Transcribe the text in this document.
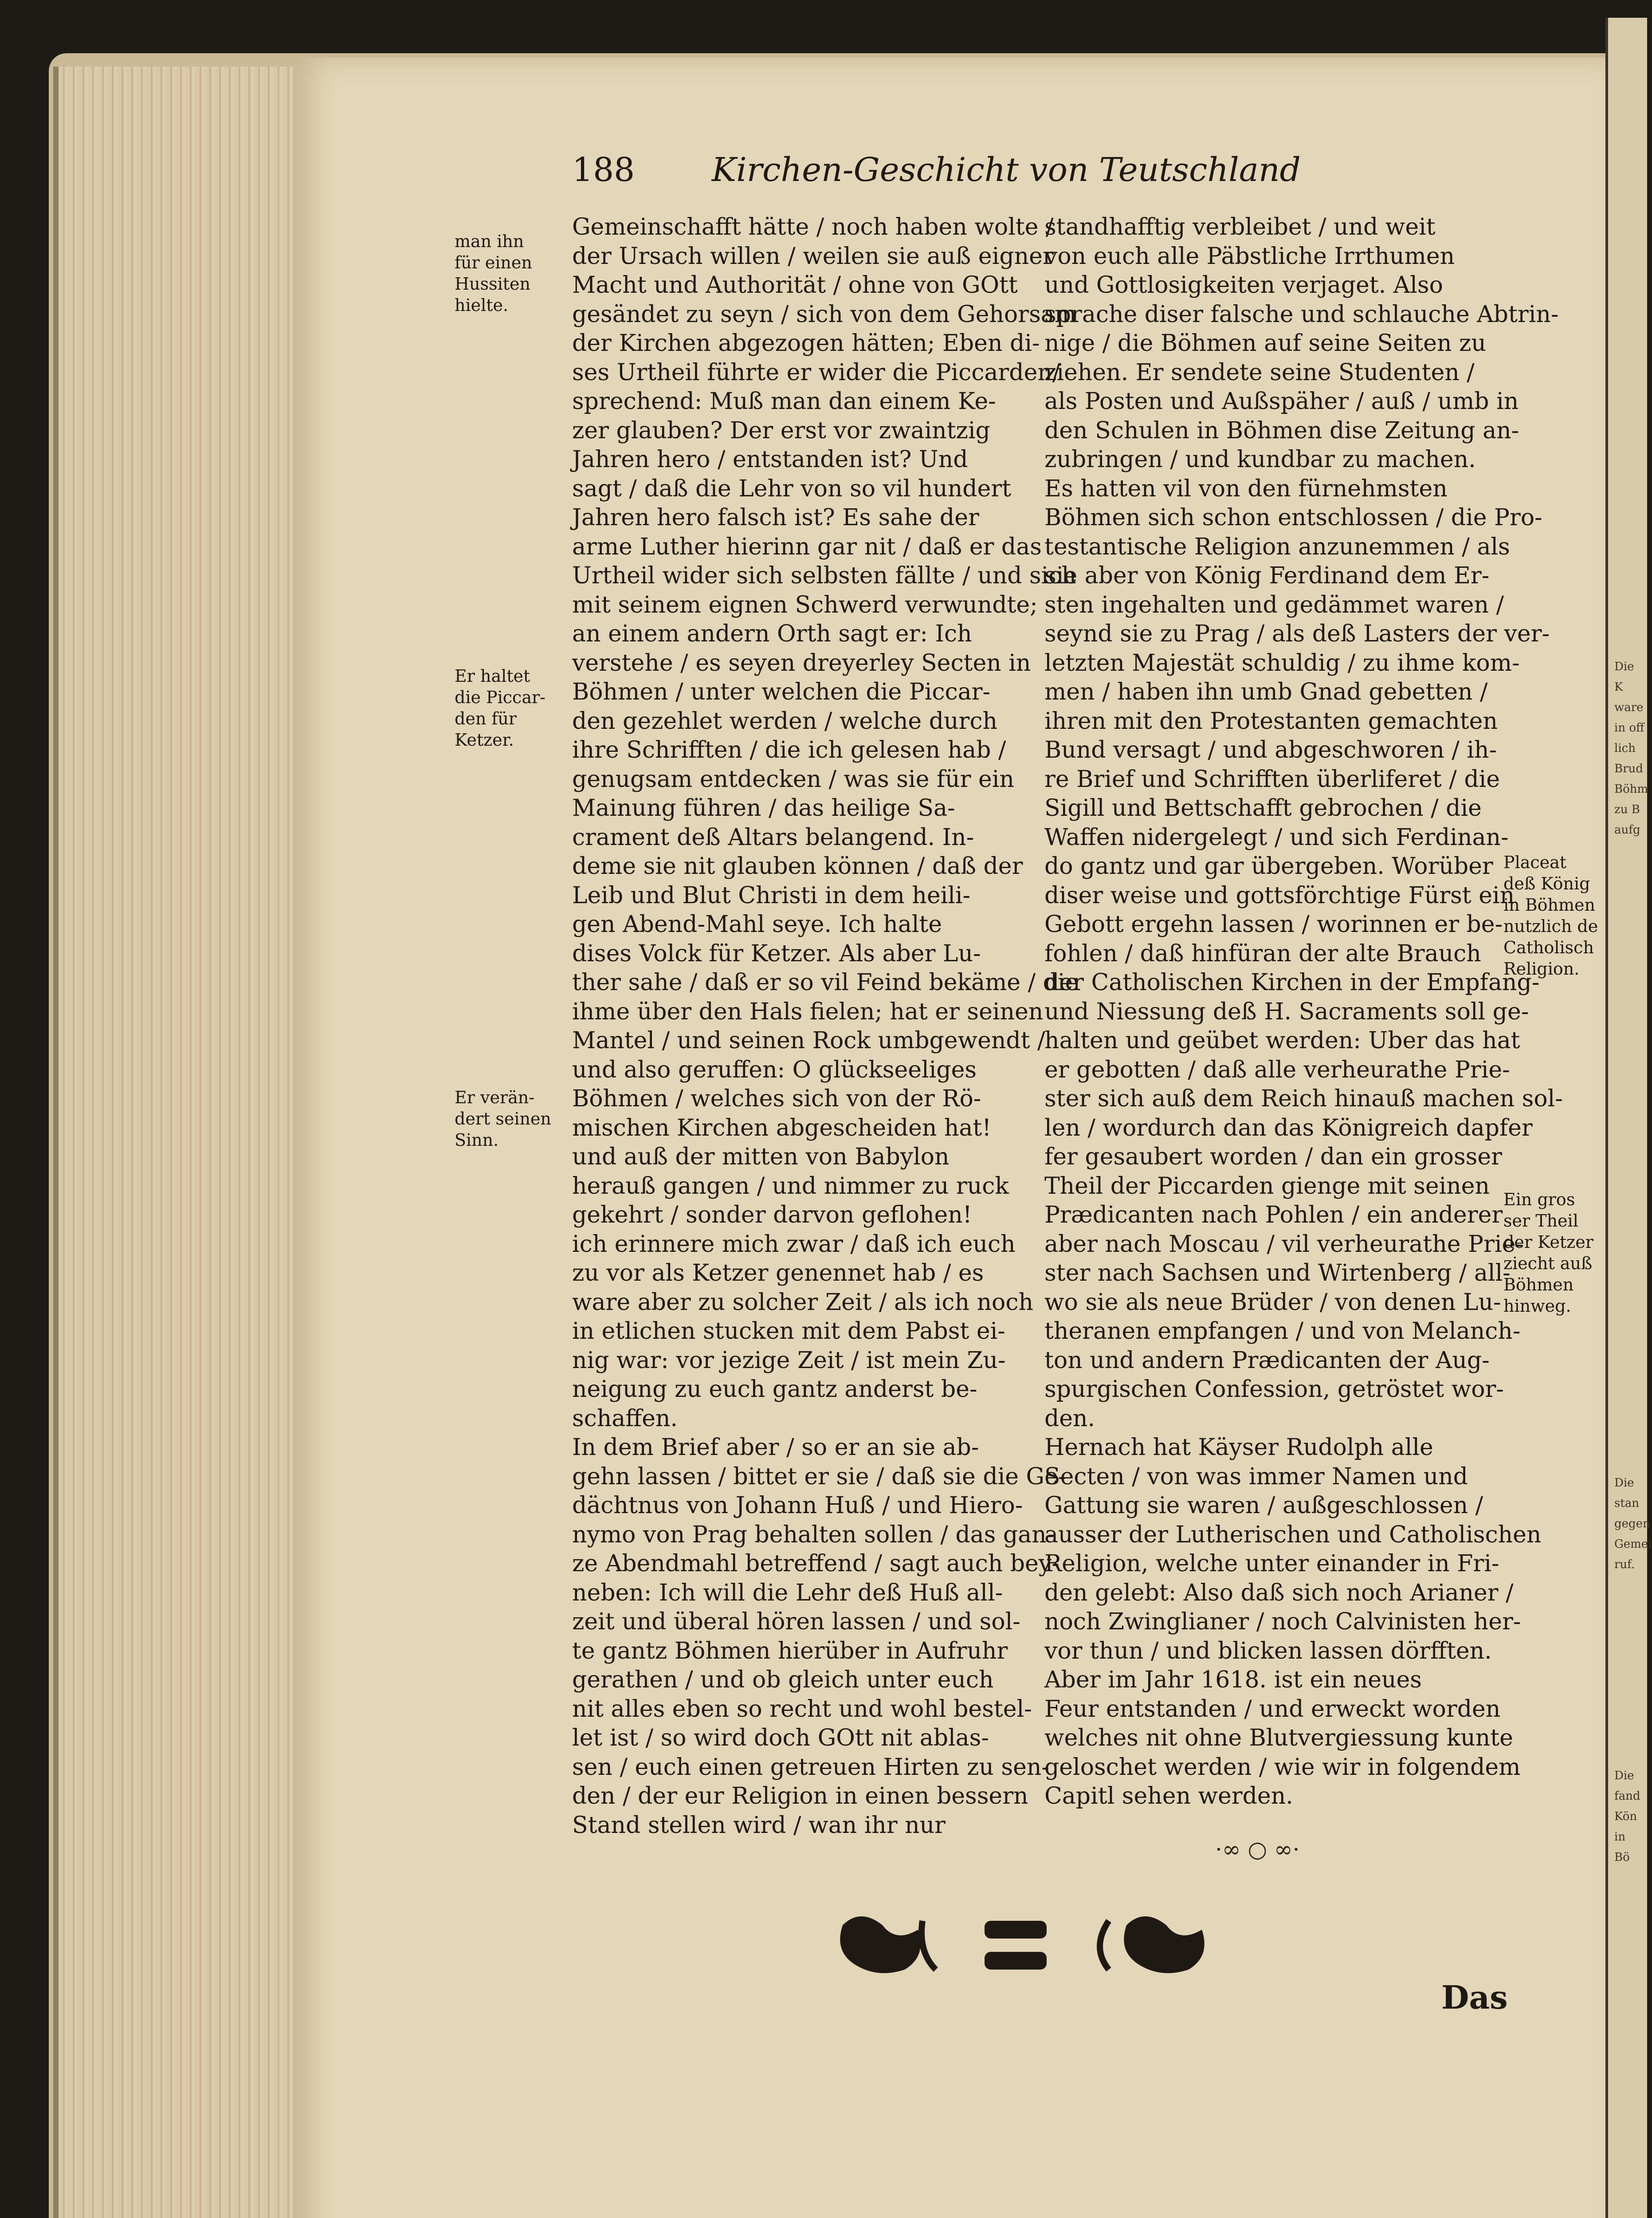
Die K
ware
in off
lich
Brud
Böhm
zu B
aufg
Die
stan
gegen
Gemei
ruf.
Die
fand
Kön
in
Bö
188 Kirchen-Geschicht von Teutschland
Gemeinschafft hätte / noch haben wolte /
der Ursach willen / weilen sie auß eigner
Macht und Authorität / ohne von GOtt
gesändet zu seyn / sich von dem Gehorsam
der Kirchen abgezogen hätten; Eben di-
ses Urtheil führte er wider die Piccarden/
sprechend: Muß man dan einem Ke-
zer glauben? Der erst vor zwaintzig
Jahren hero / entstanden ist? Und
sagt / daß die Lehr von so vil hundert
Jahren hero falsch ist? Es sahe der
arme Luther hierinn gar nit / daß er das
Urtheil wider sich selbsten fällte / und sich
mit seinem eignen Schwerd verwundte;
an einem andern Orth sagt er: Ich
verstehe / es seyen dreyerley Secten in
Böhmen / unter welchen die Piccar-
den gezehlet werden / welche durch
ihre Schrifften / die ich gelesen hab /
genugsam entdecken / was sie für ein
Mainung führen / das heilige Sa-
crament deß Altars belangend. In-
deme sie nit glauben können / daß der
Leib und Blut Christi in dem heili-
gen Abend-Mahl seye. Ich halte
dises Volck für Ketzer. Als aber Lu-
ther sahe / daß er so vil Feind bekäme / die
ihme über den Hals fielen; hat er seinen
Mantel / und seinen Rock umbgewendt /
und also geruffen: O glückseeliges
Böhmen / welches sich von der Rö-
mischen Kirchen abgescheiden hat!
und auß der mitten von Babylon
herauß gangen / und nimmer zu ruck
gekehrt / sonder darvon geflohen!
ich erinnere mich zwar / daß ich euch
zu vor als Ketzer genennet hab / es
ware aber zu solcher Zeit / als ich noch
in etlichen stucken mit dem Pabst ei-
nig war: vor jezige Zeit / ist mein Zu-
neigung zu euch gantz anderst be-
schaffen.
In dem Brief aber / so er an sie ab-
gehn lassen / bittet er sie / daß sie die Ge-
dächtnus von Johann Huß / und Hiero-
nymo von Prag behalten sollen / das gan-
ze Abendmahl betreffend / sagt auch bey-
neben: Ich will die Lehr deß Huß all-
zeit und überal hören lassen / und sol-
te gantz Böhmen hierüber in Aufruhr
gerathen / und ob gleich unter euch
nit alles eben so recht und wohl bestel-
let ist / so wird doch GOtt nit ablas-
sen / euch einen getreuen Hirten zu sen-
den / der eur Religion in einen bessern
Stand stellen wird / wan ihr nur
standhafftig verbleibet / und weit
von euch alle Päbstliche Irrthumen
und Gottlosigkeiten verjaget. Also
sprache diser falsche und schlauche Abtrin-
nige / die Böhmen auf seine Seiten zu
ziehen. Er sendete seine Studenten /
als Posten und Außspäher / auß / umb in
den Schulen in Böhmen dise Zeitung an-
zubringen / und kundbar zu machen.
Es hatten vil von den fürnehmsten
Böhmen sich schon entschlossen / die Pro-
testantische Religion anzunemmen / als
sie aber von König Ferdinand dem Er-
sten ingehalten und gedämmet waren /
seynd sie zu Prag / als deß Lasters der ver-
letzten Majestät schuldig / zu ihme kom-
men / haben ihn umb Gnad gebetten /
ihren mit den Protestanten gemachten
Bund versagt / und abgeschworen / ih-
re Brief und Schrifften überliferet / die
Sigill und Bettschafft gebrochen / die
Waffen nidergelegt / und sich Ferdinan-
do gantz und gar übergeben. Worüber
diser weise und gottsförchtige Fürst ein
Gebott ergehn lassen / worinnen er be-
fohlen / daß hinfüran der alte Brauch
der Catholischen Kirchen in der Empfang-
und Niessung deß H. Sacraments soll ge-
halten und geübet werden: Uber das hat
er gebotten / daß alle verheurathe Prie-
ster sich auß dem Reich hinauß machen sol-
len / wordurch dan das Königreich dapfer
fer gesaubert worden / dan ein grosser
Theil der Piccarden gienge mit seinen
Prædicanten nach Pohlen / ein anderer
aber nach Moscau / vil verheurathe Prie-
ster nach Sachsen und Wirtenberg / all-
wo sie als neue Brüder / von denen Lu-
theranen empfangen / und von Melanch-
ton und andern Prædicanten der Aug-
spurgischen Confession, getröstet wor-
den.
Hernach hat Käyser Rudolph alle
Secten / von was immer Namen und
Gattung sie waren / außgeschlossen /
ausser der Lutherischen und Catholischen
Religion, welche unter einander in Fri-
den gelebt: Also daß sich noch Arianer /
noch Zwinglianer / noch Calvinisten her-
vor thun / und blicken lassen dörfften.
Aber im Jahr 1618. ist ein neues
Feur entstanden / und erweckt worden
welches nit ohne Blutvergiessung kunte
geloschet werden / wie wir in folgendem
Capitl sehen werden.
man ihn
für einen
Hussiten
hielte.
Er haltet
die Piccar-
den für
Ketzer.
Er verän-
dert seinen
Sinn.
Placeat
deß König
in Böhmen
nutzlich de
Catholisch
Religion.
Ein gros
ser Theil
der Ketzer
ziecht auß
Böhmen
hinweg.
·∞ ○ ∞·
Das
